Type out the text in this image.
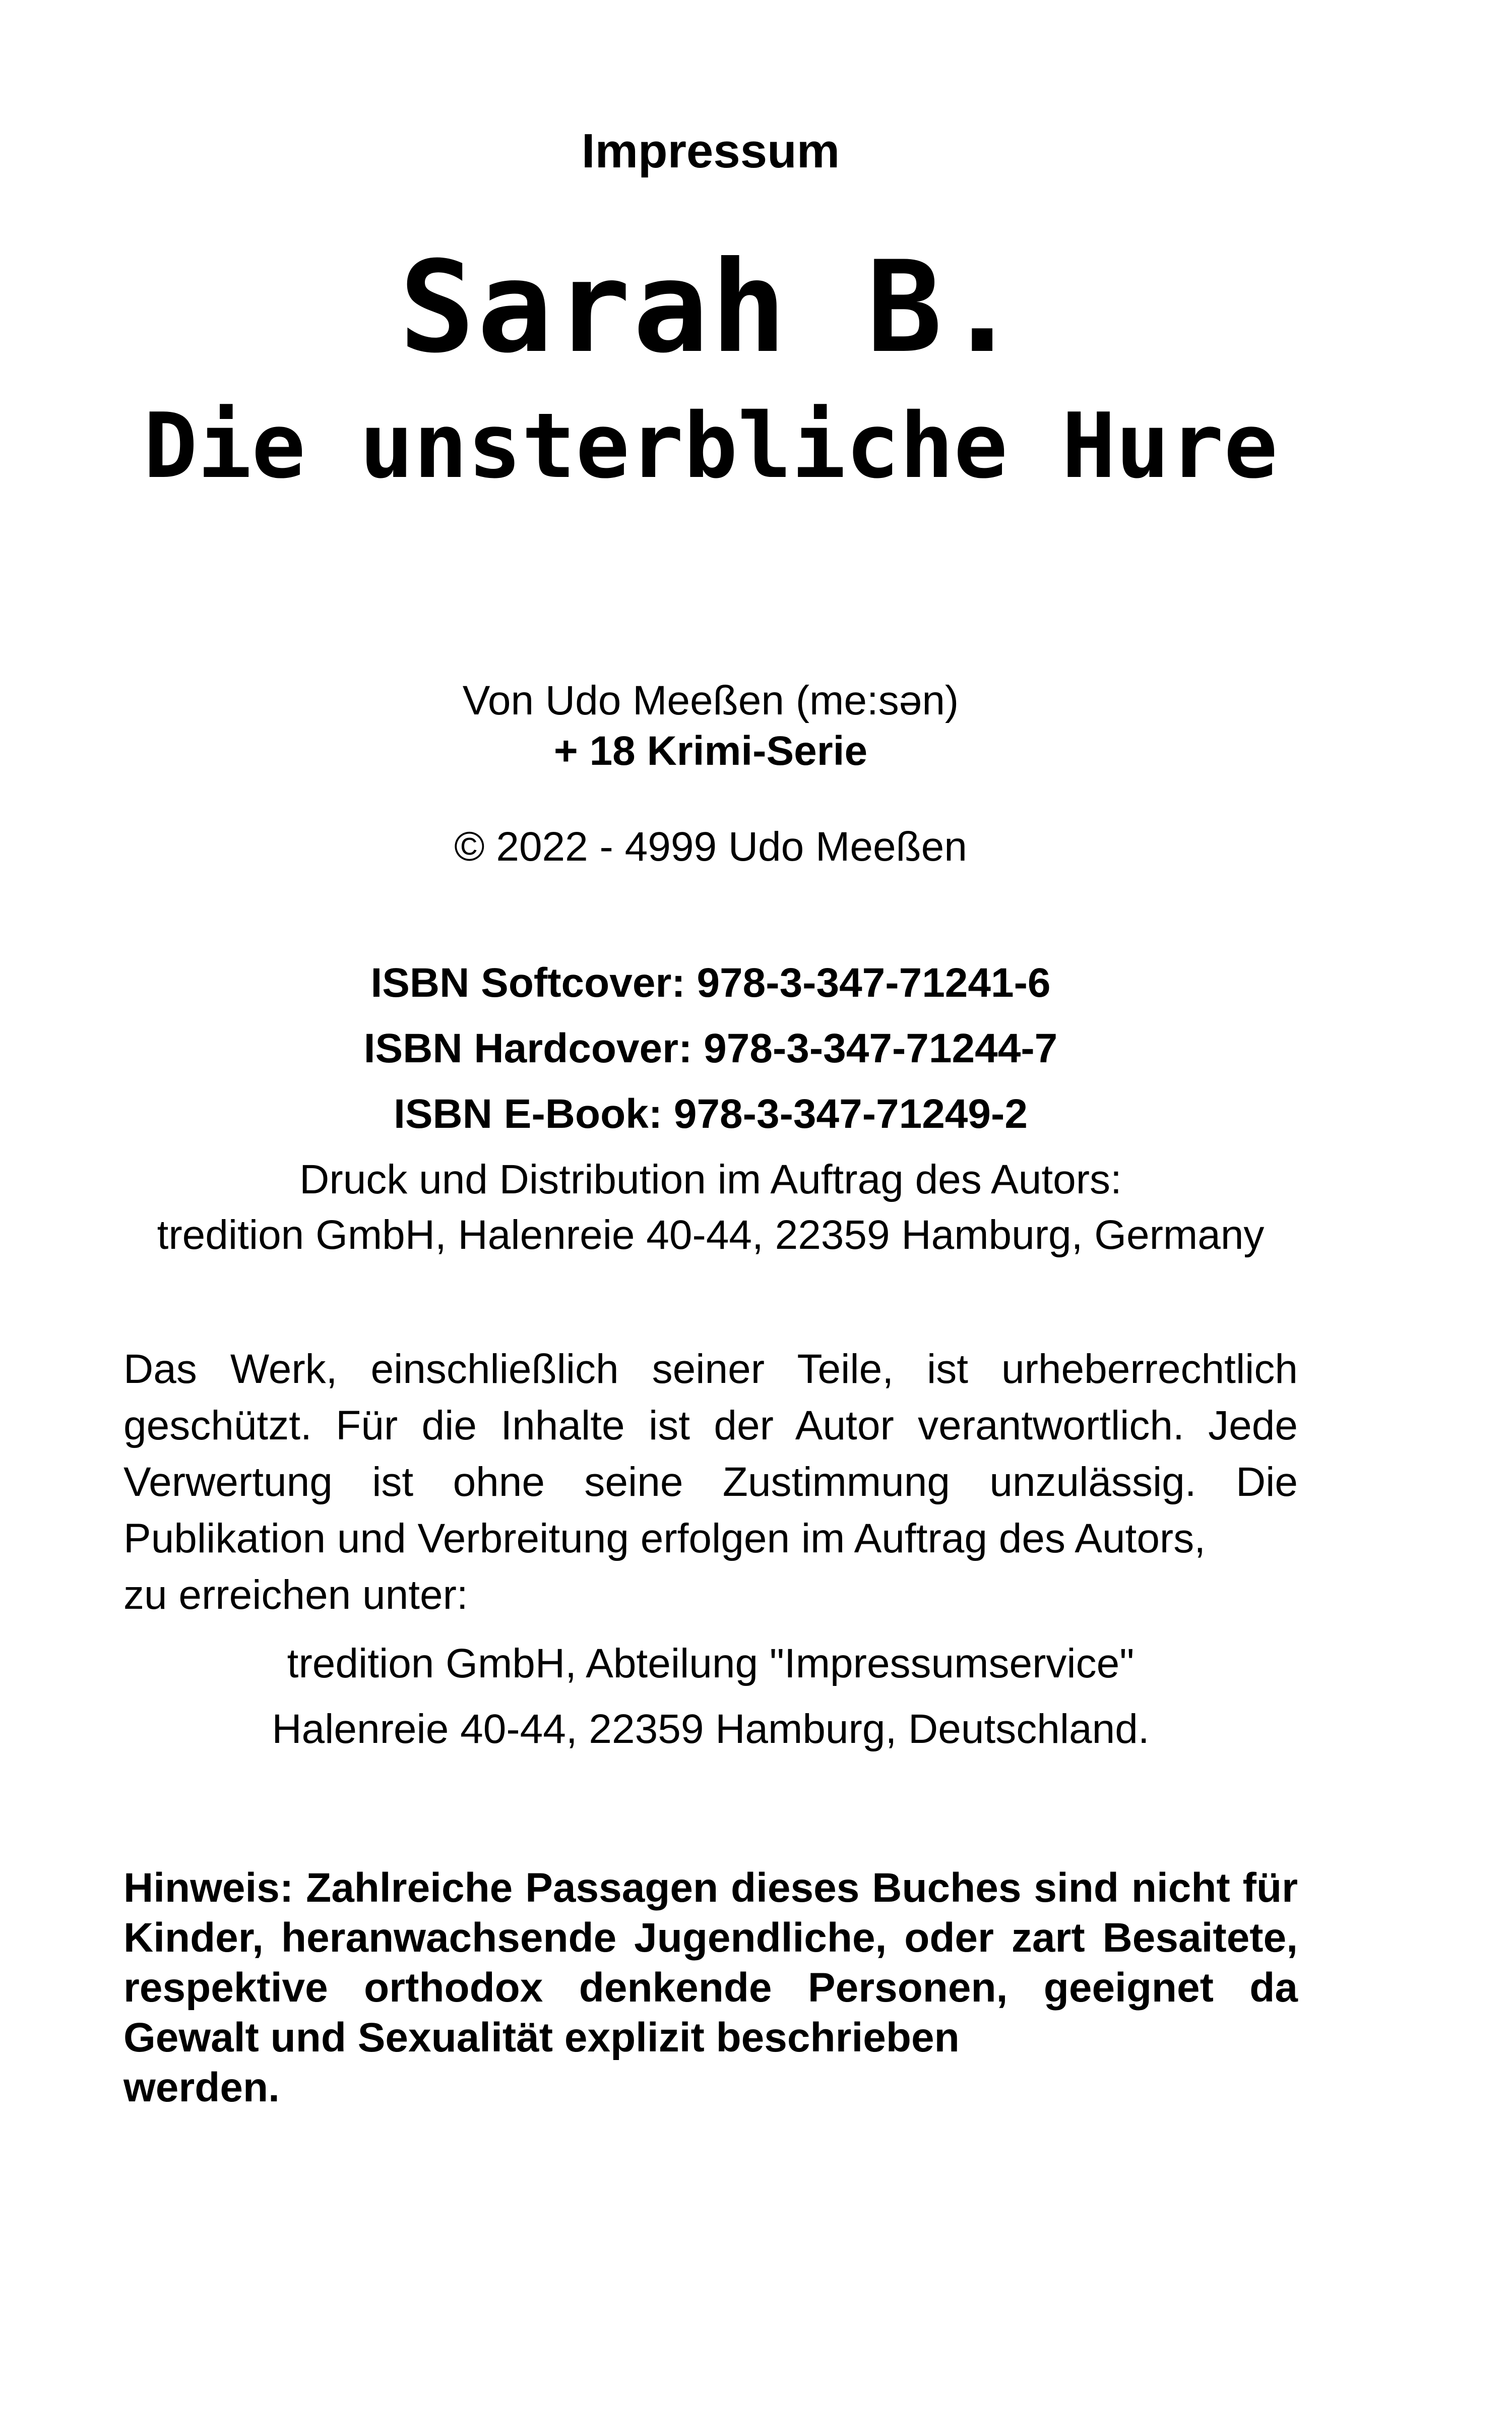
Impressum
Sarah B.
Die unsterbliche Hure
Von Udo Meeßen (me:sən)
+ 18 Krimi-Serie
© 2022 - 4999 Udo Meeßen
ISBN Softcover: 978-3-347-71241-6
ISBN Hardcover: 978-3-347-71244-7
ISBN E-Book: 978-3-347-71249-2
Druck und Distribution im Auftrag des Autors:
tredition GmbH, Halenreie 40-44, 22359 Hamburg, Germany
Das Werk, einschließlich seiner Teile, ist urheberrechtlich geschützt. Für die Inhalte ist der Autor verantwortlich. Jede Verwertung ist ohne seine Zustimmung unzulässig. Die Publikation und Verbreitung erfolgen im Auftrag des Autors,
zu erreichen unter:
tredition GmbH, Abteilung "Impressumservice"
Halenreie 40-44, 22359 Hamburg, Deutschland.
Hinweis: Zahlreiche Passagen dieses Buches sind nicht für Kinder, heranwachsende Jugendliche, oder zart Besaitete, respektive orthodox denkende Personen, geeignet da Gewalt und Sexualität explizit beschrieben
werden.
